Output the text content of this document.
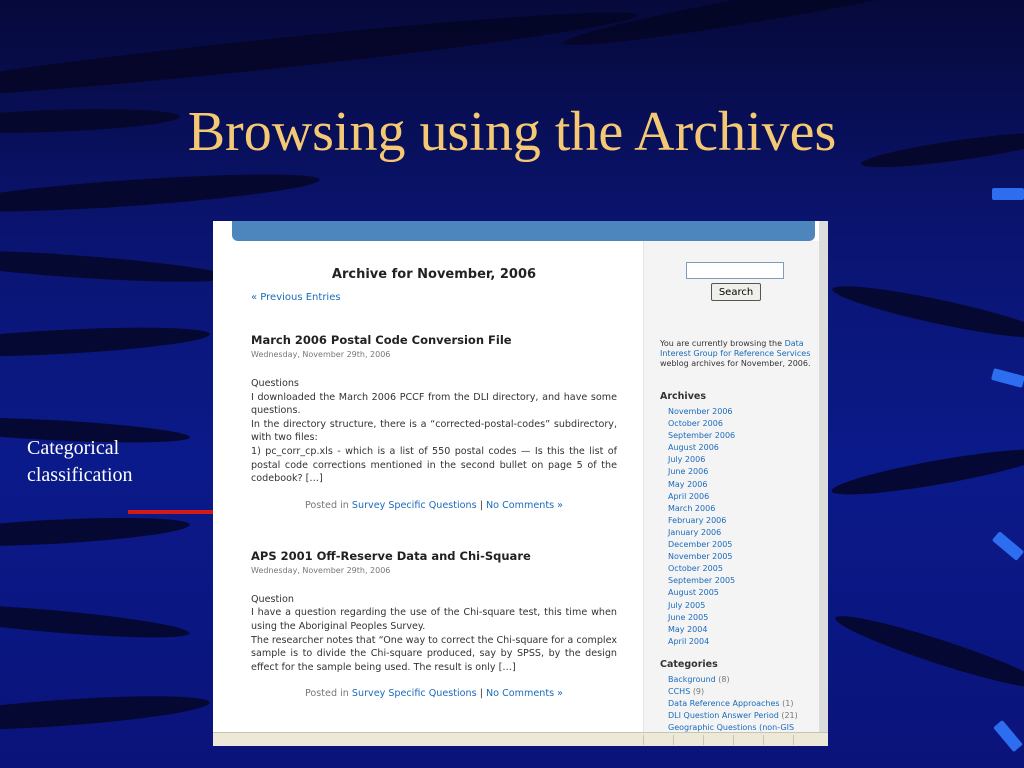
Browsing using the Archives
Categorical
classification
Archive for November, 2006
« Previous Entries
March 2006 Postal Code Conversion File
Wednesday, November 29th, 2006
Questions
I downloaded the March 2006 PCCF from the DLI directory, and have some questions.
In the directory structure, there is a “corrected-postal-codes” subdirectory, with two files:
1) pc_corr_cp.xls - which is a list of 550 postal codes — Is this the list of postal code corrections mentioned in the second bullet on page 5 of the codebook? […]
Posted in Survey Specific Questions | No Comments »
APS 2001 Off-Reserve Data and Chi-Square
Wednesday, November 29th, 2006
Question
I have a question regarding the use of the Chi-square test, this time when using the Aboriginal Peoples Survey.
The researcher notes that “One way to correct the Chi-square for a complex sample is to divide the Chi-square produced, say by SPSS, by the design effect for the sample being used. The result is only […]
Posted in Survey Specific Questions | No Comments »
Search
You are currently browsing the Data Interest Group for Reference Services weblog archives for November, 2006.
Archives
November 2006
October 2006
September 2006
August 2006
July 2006
June 2006
May 2006
April 2006
March 2006
February 2006
January 2006
December 2005
November 2005
October 2005
September 2005
August 2005
July 2005
June 2005
May 2004
April 2004
Categories
Background (8)
CCHS (9)
Data Reference Approaches (1)
DLI Question Answer Period (21)
Geographic Questions (non-GIS
